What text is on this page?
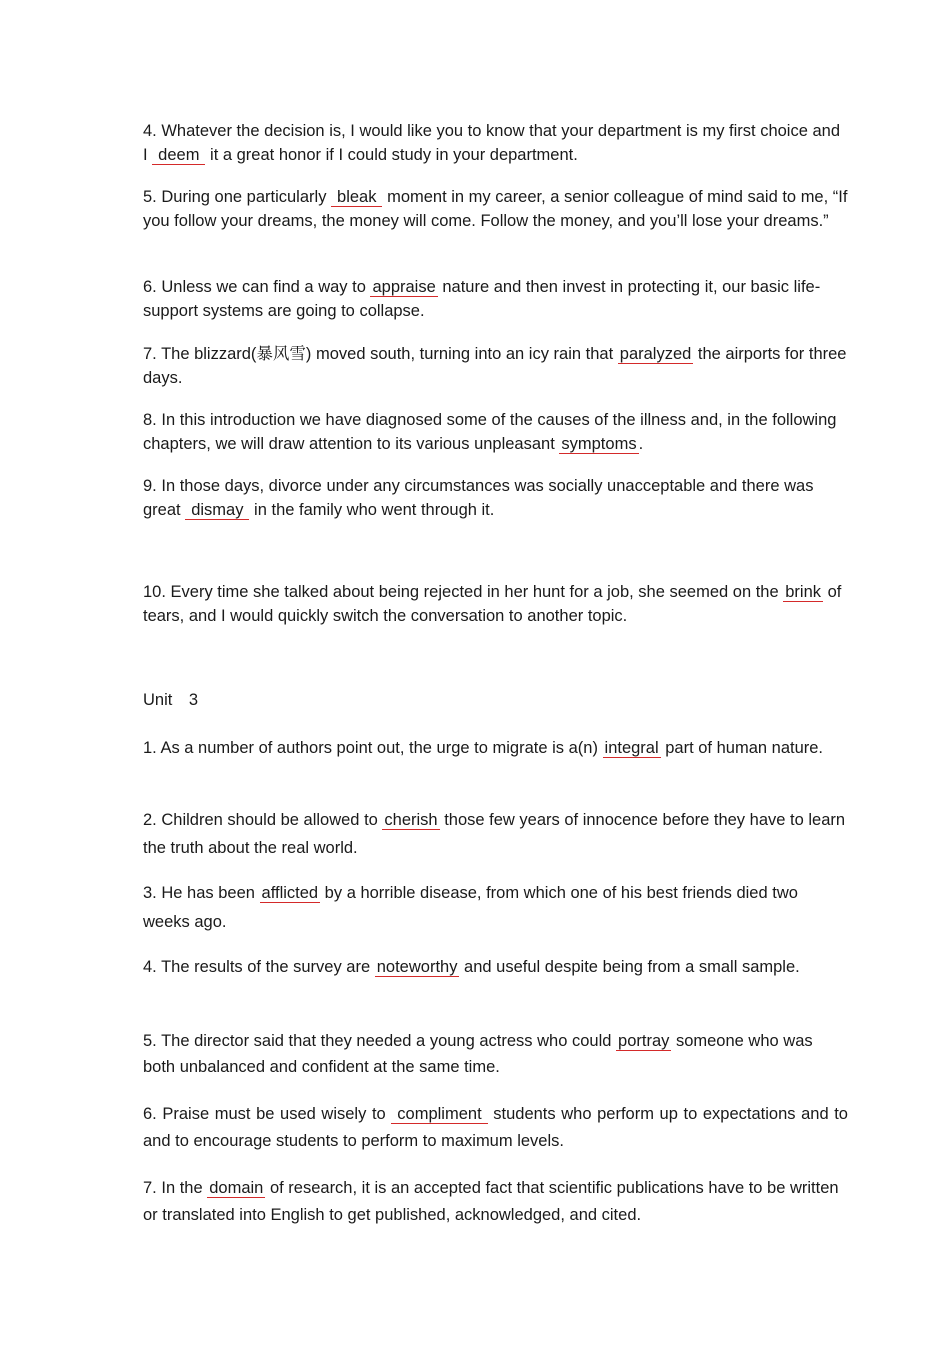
4. Whatever the decision is, I would like you to know that your department is my first choice and I deem it a great honor if I could study in your department.

5. During one particularly bleak moment in my career, a senior colleague of mind said to me, “If you follow your dreams, the money will come. Follow the money, and you’ll lose your dreams.”

6. Unless we can find a way to appraise nature and then invest in protecting it, our basic life-support systems are going to collapse.

7. The blizzard(暴风雪) moved south, turning into an icy rain that paralyzed the airports for three days.

8. In this introduction we have diagnosed some of the causes of the illness and, in the following chapters, we will draw attention to its various unpleasant symptoms .

9. In those days, divorce under any circumstances was socially unacceptable and there was great dismay in the family who went through it.

10. Every time she talked about being rejected in her hunt for a job, she seemed on the brink of tears, and I would quickly switch the conversation to another topic.

Unit 3

1. As a number of authors point out, the urge to migrate is a(n) integral part of human nature.

2. Children should be allowed to cherish those few years of innocence before they have to learn the truth about the real world.

3. He has been afflicted by a horrible disease, from which one of his best friends died two weeks ago.

4. The results of the survey are noteworthy and useful despite being from a small sample.

5. The director said that they needed a young actress who could portray someone who was both unbalanced and confident at the same time.

6. Praise must be used wisely to compliment students who perform up to expectations and to and to encourage students to perform to maximum levels.

7. In the domain of research, it is an accepted fact that scientific publications have to be written or translated into English to get published, acknowledged, and cited.
